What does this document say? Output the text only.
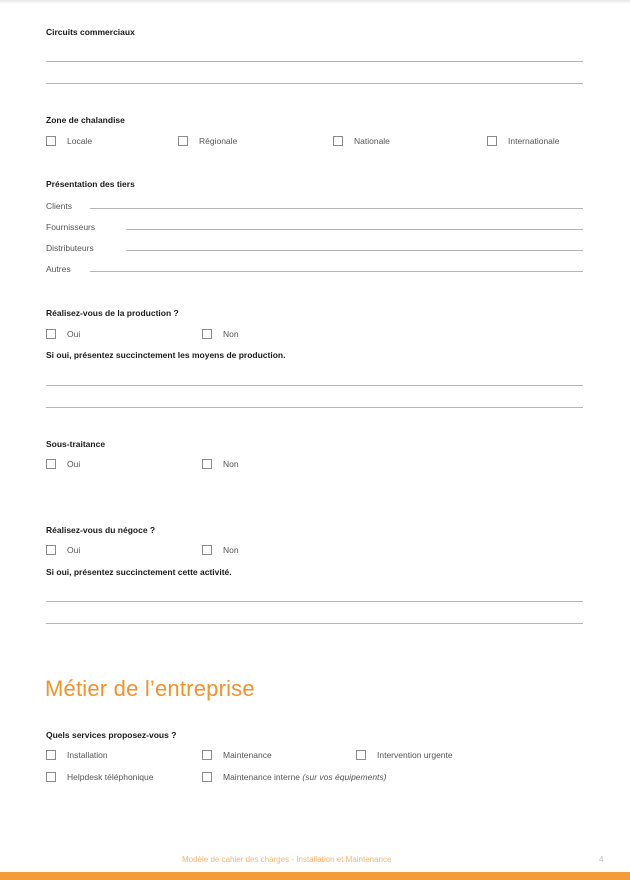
Circuits commerciaux
Zone de chalandise
Locale	Régionale	Nationale	Internationale
Présentation des tiers
Clients
Fournisseurs
Distributeurs
Autres
Réalisez-vous de la production ?
Oui	Non
Si oui, présentez succinctement les moyens de production.
Sous-traitance
Oui	Non
Réalisez-vous du négoce ?
Oui	Non
Si oui, présentez succinctement cette activité.
Métier de l’entreprise
Quels services proposez-vous ?
Installation	Maintenance	Intervention urgente
Helpdesk téléphonique	Maintenance interne (sur vos équipements)
Modèle de cahier des charges - Installation et Maintenance	4
